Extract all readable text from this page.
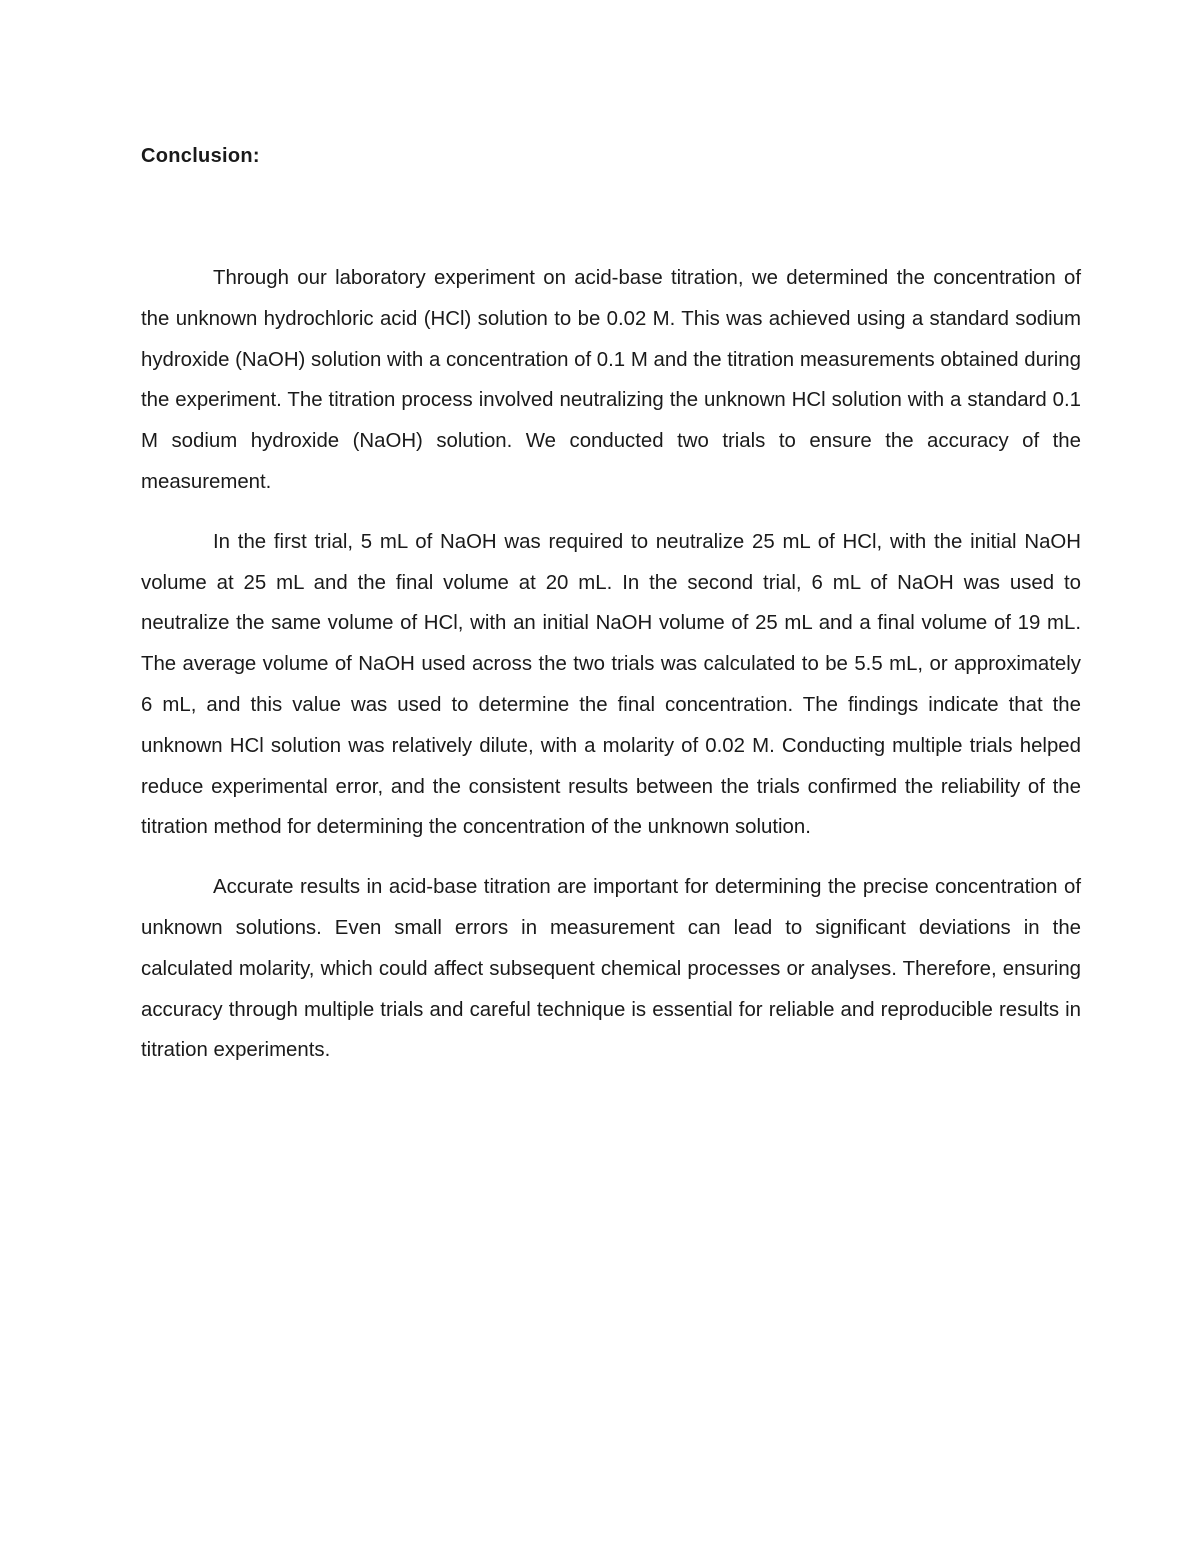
Conclusion:

Through our laboratory experiment on acid-base titration, we determined the concentration of the unknown hydrochloric acid (HCl) solution to be 0.02 M. This was achieved using a standard sodium hydroxide (NaOH) solution with a concentration of 0.1 M and the titration measurements obtained during the experiment. The titration process involved neutralizing the unknown HCl solution with a standard 0.1 M sodium hydroxide (NaOH) solution. We conducted two trials to ensure the accuracy of the measurement.

In the first trial, 5 mL of NaOH was required to neutralize 25 mL of HCl, with the initial NaOH volume at 25 mL and the final volume at 20 mL. In the second trial, 6 mL of NaOH was used to neutralize the same volume of HCl, with an initial NaOH volume of 25 mL and a final volume of 19 mL. The average volume of NaOH used across the two trials was calculated to be 5.5 mL, or approximately 6 mL, and this value was used to determine the final concentration. The findings indicate that the unknown HCl solution was relatively dilute, with a molarity of 0.02 M. Conducting multiple trials helped reduce experimental error, and the consistent results between the trials confirmed the reliability of the titration method for determining the concentration of the unknown solution.

Accurate results in acid-base titration are important for determining the precise concentration of unknown solutions. Even small errors in measurement can lead to significant deviations in the calculated molarity, which could affect subsequent chemical processes or analyses. Therefore, ensuring accuracy through multiple trials and careful technique is essential for reliable and reproducible results in titration experiments.
